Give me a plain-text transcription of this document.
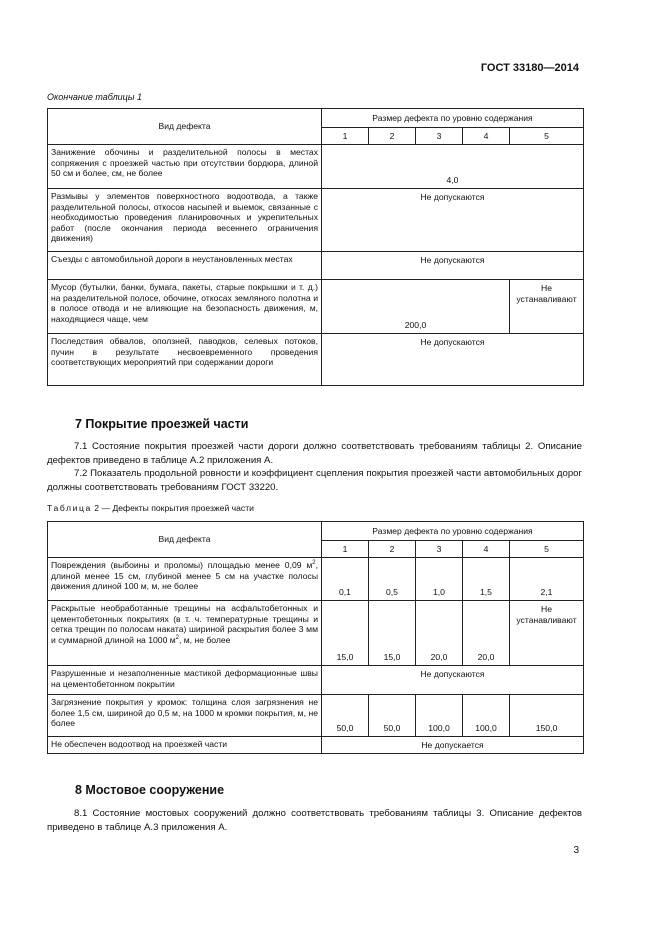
ГОСТ 33180—2014
Окончание таблицы 1
Вид дефекта	Размер дефекта по уровню содержания				
	1	2	3	4	5
Занижение обочины и разделительной полосы в местах сопряжения с проезжей частью при отсутствии бордюра, длиной 50 см и более, см, не более	4,0				
Размывы у элементов поверхностного водоотвода, а также разделительной полосы, откосов насыпей и выемок, связанные с необходимостью проведения планировочных и укрепительных работ (после окончания периода весеннего ограничения движения)	Не допускаются				
Съезды с автомобильной дороги в неустановленных местах	Не допускаются				
Мусор (бутылки, банки, бумага, пакеты, старые покрышки и т. д.) на разделительной полосе, обочине, откосах земляного полотна и в полосе отвода и не влияющие на безопасность движения, м, находящиеся чаще, чем	200,0				Не устанавливают
Последствия обвалов, оползней, паводков, селевых потоков, пучин в результате несвоевременного проведения соответствующих мероприятий при содержании дороги	Не допускаются				
7 Покрытие проезжей части
7.1 Состояние покрытия проезжей части дороги должно соответствовать требованиям таблицы 2. Описание дефектов приведено в таблице А.2 приложения А.
7.2 Показатель продольной ровности и коэффициент сцепления покрытия проезжей части автомобильных дорог должны соответствовать требованиям ГОСТ 33220.
Таблица 2 — Дефекты покрытия проезжей части
Вид дефекта	Размер дефекта по уровню содержания				
	1	2	3	4	5
Повреждения (выбоины и проломы) площадью менее 0,09 $м^2$, длиной менее 15 см, глубиной менее 5 см на участке полосы движения длиной 100 м, м, не более	0,1	0,5	1,0	1,5	2,1
Раскрытые необработанные трещины на асфальтобетонных и цементобетонных покрытиях (в т. ч. температурные трещины и сетка трещин по полосам наката) шириной раскрытия более 3 мм и суммарной длиной на 1000 $м^2$, м, не более	15,0	15,0	20,0	20,0	Не устанавливают
Разрушенные и незаполненные мастикой деформационные швы на цементобетонном покрытии	Не допускаются				
Загрязнение покрытия у кромок: толщина слоя загрязнения не более 1,5 см, шириной до 0,5 м, на 1000 м кромки покрытия, м, не более	50,0	50,0	100,0	100,0	150,0
Не обеспечен водоотвод на проезжей части	Не допускается				
8 Мостовое сооружение
8.1 Состояние мостовых сооружений должно соответствовать требованиям таблицы 3. Описание дефектов приведено в таблице А.3 приложения А.
3
